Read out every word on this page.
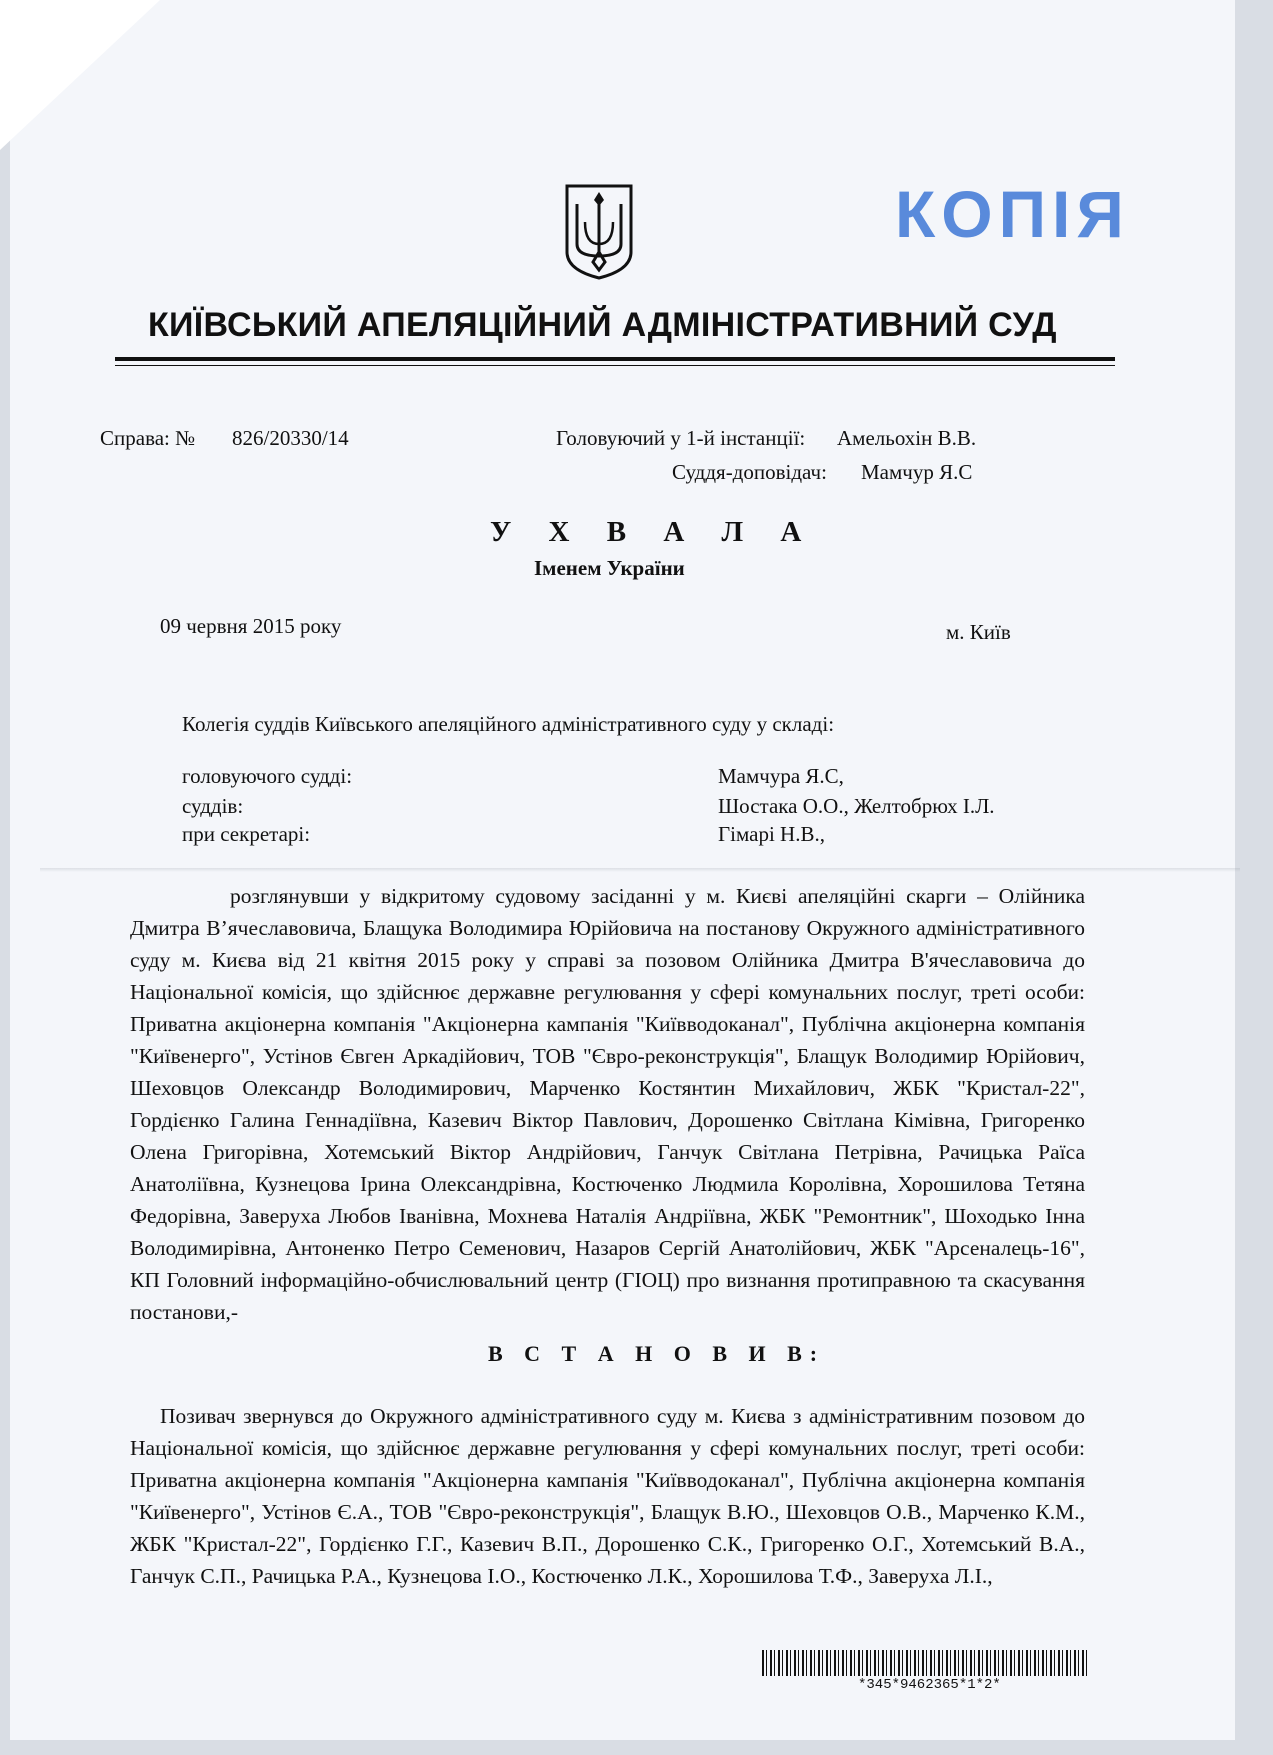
КОПІЯ
КИЇВСЬКИЙ АПЕЛЯЦІЙНИЙ АДМІНІСТРАТИВНИЙ СУД
Справа: № 826/20330/14	Головуючий у 1-й інстанції: Амельохін В.В.
Суддя-доповідач: Мамчур Я.С
У Х В А Л А
Іменем України
09 червня 2015 року	м. Київ
Колегія суддів Київського апеляційного адміністративного суду у складі:
головуючого судді:	Мамчура Я.С,
суддів:	Шостака О.О., Желтобрюх І.Л.
при секретарі:	Гімарі Н.В.,
розглянувши у відкритому судовому засіданні у м. Києві апеляційні скарги – Олійника Дмитра В’ячеславовича, Блащука Володимира Юрійовича на постанову Окружного адміністративного суду м. Києва від 21 квітня 2015 року у справі за позовом Олійника Дмитра В'ячеславовича до Національної комісія, що здійснює державне регулювання у сфері комунальних послуг, треті особи: Приватна акціонерна компанія "Акціонерна кампанія "Київводоканал", Публічна акціонерна компанія "Київенерго", Устінов Євген Аркадійович, ТОВ "Євро-реконструкція", Блащук Володимир Юрійович, Шеховцов Олександр Володимирович, Марченко Костянтин Михайлович, ЖБК "Кристал-22", Гордієнко Галина Геннадіївна, Казевич Віктор Павлович, Дорошенко Світлана Кімівна, Григоренко Олена Григорівна, Хотемський Віктор Андрійович, Ганчук Світлана Петрівна, Рачицька Раїса Анатоліївна, Кузнецова Ірина Олександрівна, Костюченко Людмила Королівна, Хорошилова Тетяна Федорівна, Заверуха Любов Іванівна, Мохнева Наталія Андріївна, ЖБК "Ремонтник", Шоходько Інна Володимирівна, Антоненко Петро Семенович, Назаров Сергій Анатолійович, ЖБК "Арсеналець-16", КП Головний інформаційно-обчислювальний центр (ГІОЦ) про визнання протиправною та скасування постанови,-
В С Т А Н О В И В:
Позивач звернувся до Окружного адміністративного суду м. Києва з адміністративним позовом до Національної комісія, що здійснює державне регулювання у сфері комунальних послуг, треті особи: Приватна акціонерна компанія "Акціонерна кампанія "Київводоканал", Публічна акціонерна компанія "Київенерго", Устінов Є.А., ТОВ "Євро-реконструкція", Блащук В.Ю., Шеховцов О.В., Марченко К.М., ЖБК "Кристал-22", Гордієнко Г.Г., Казевич В.П., Дорошенко С.К., Григоренко О.Г., Хотемський В.А., Ганчук С.П., Рачицька Р.А., Кузнецова І.О., Костюченко Л.К., Хорошилова Т.Ф., Заверуха Л.І.,
*345*9462365*1*2*
